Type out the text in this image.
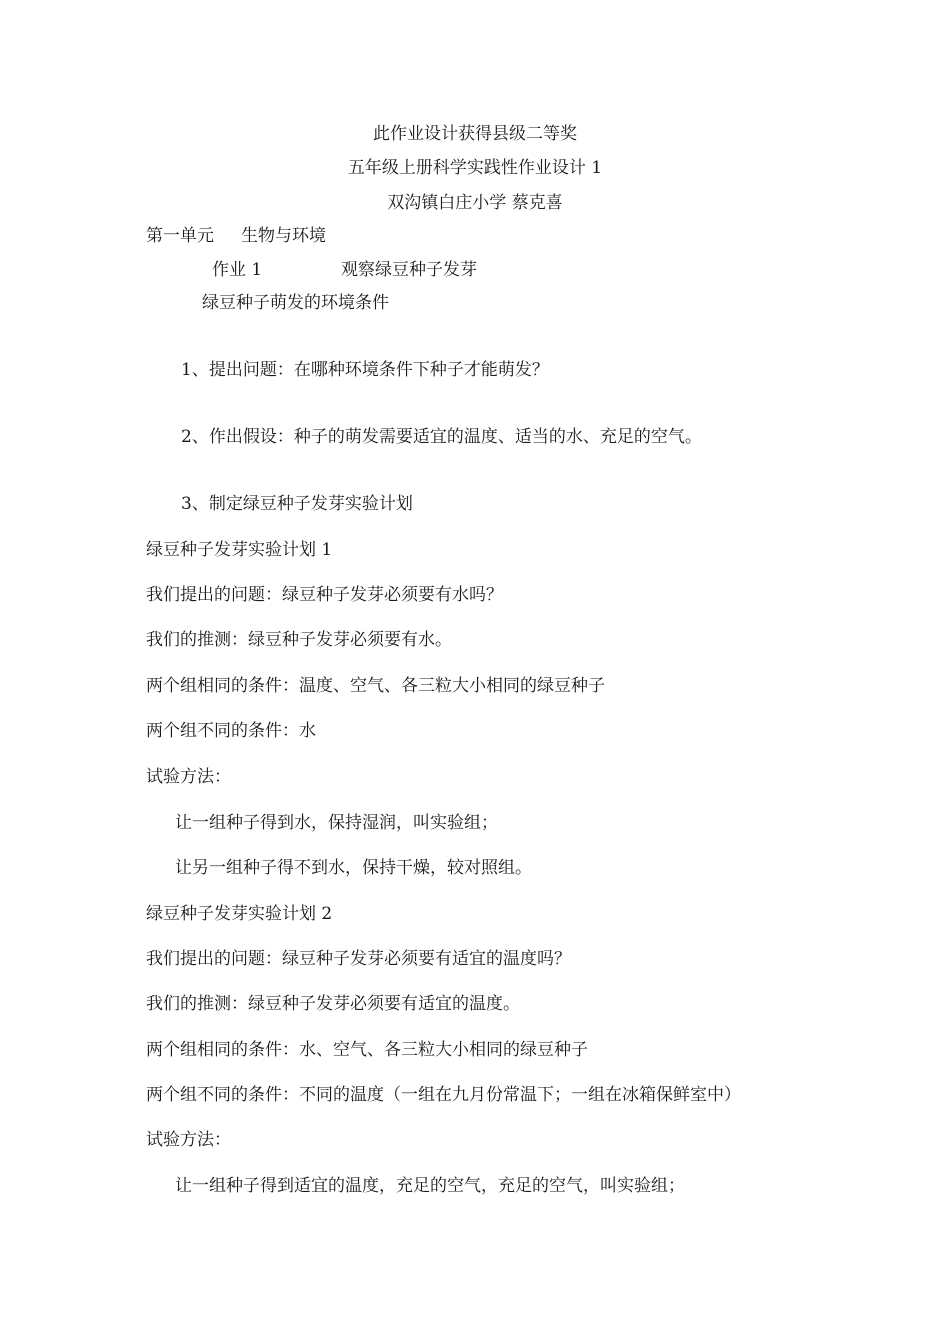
此作业设计获得县级二等奖
五年级上册科学实践性作业设计 1
双沟镇白庄小学 蔡克喜
第一单元 生物与环境
作业 1	观察绿豆种子发芽
绿豆种子萌发的环境条件
1、提出问题：在哪种环境条件下种子才能萌发？
2、作出假设：种子的萌发需要适宜的温度、适当的水、充足的空气。
3、制定绿豆种子发芽实验计划
绿豆种子发芽实验计划 1
我们提出的问题：绿豆种子发芽必须要有水吗？
我们的推测：绿豆种子发芽必须要有水。
两个组相同的条件：温度、空气、各三粒大小相同的绿豆种子
两个组不同的条件：水
试验方法：
让一组种子得到水，保持湿润，叫实验组；
让另一组种子得不到水，保持干燥，较对照组。
绿豆种子发芽实验计划 2
我们提出的问题：绿豆种子发芽必须要有适宜的温度吗？
我们的推测：绿豆种子发芽必须要有适宜的温度。
两个组相同的条件：水、空气、各三粒大小相同的绿豆种子
两个组不同的条件：不同的温度（一组在九月份常温下；一组在冰箱保鲜室中）
试验方法：
让一组种子得到适宜的温度，充足的空气，充足的空气，叫实验组；
